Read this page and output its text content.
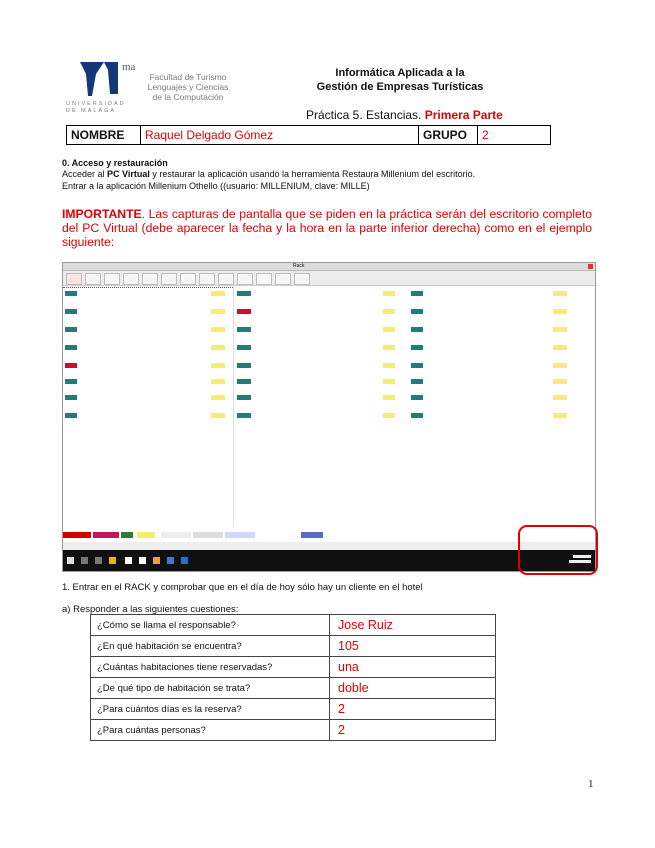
ma
Facultad de Turismo
Lenguajes y Ciencias
de la Computación
UNIVERSIDAD
DE MÁLAGA
Informática Aplicada a la
Gestión de Empresas Turísticas
Práctica 5. Estancias. Primera Parte
NOMBRE	Raquel Delgado Gómez	GRUPO	2
0. Acceso y restauración
Acceder al PC Virtual y restaurar la aplicación usando la herramienta Restaura Millenium del escritorio.
Entrar a la aplicación Millenium Othello ((usuario: MILLENIUM, clave: MILLE)
IMPORTANTE. Las capturas de pantalla que se piden en la práctica serán del escritorio completo del PC Virtual (debe aparecer la fecha y la hora en la parte inferior derecha) como en el ejemplo siguiente:
Rack
1. Entrar en el RACK y comprobar que en el día de hoy sólo hay un cliente en el hotel
a) Responder a las siguientes cuestiones:
¿Cómo se llama el responsable?	Jose Ruiz
¿En qué habitación se encuentra?	105
¿Cuántas habitaciones tiene reservadas?	una
¿De qué tipo de habitación se trata?	doble
¿Para cuántos días es la reserva?	2
¿Para cuántas personas?	2
1
